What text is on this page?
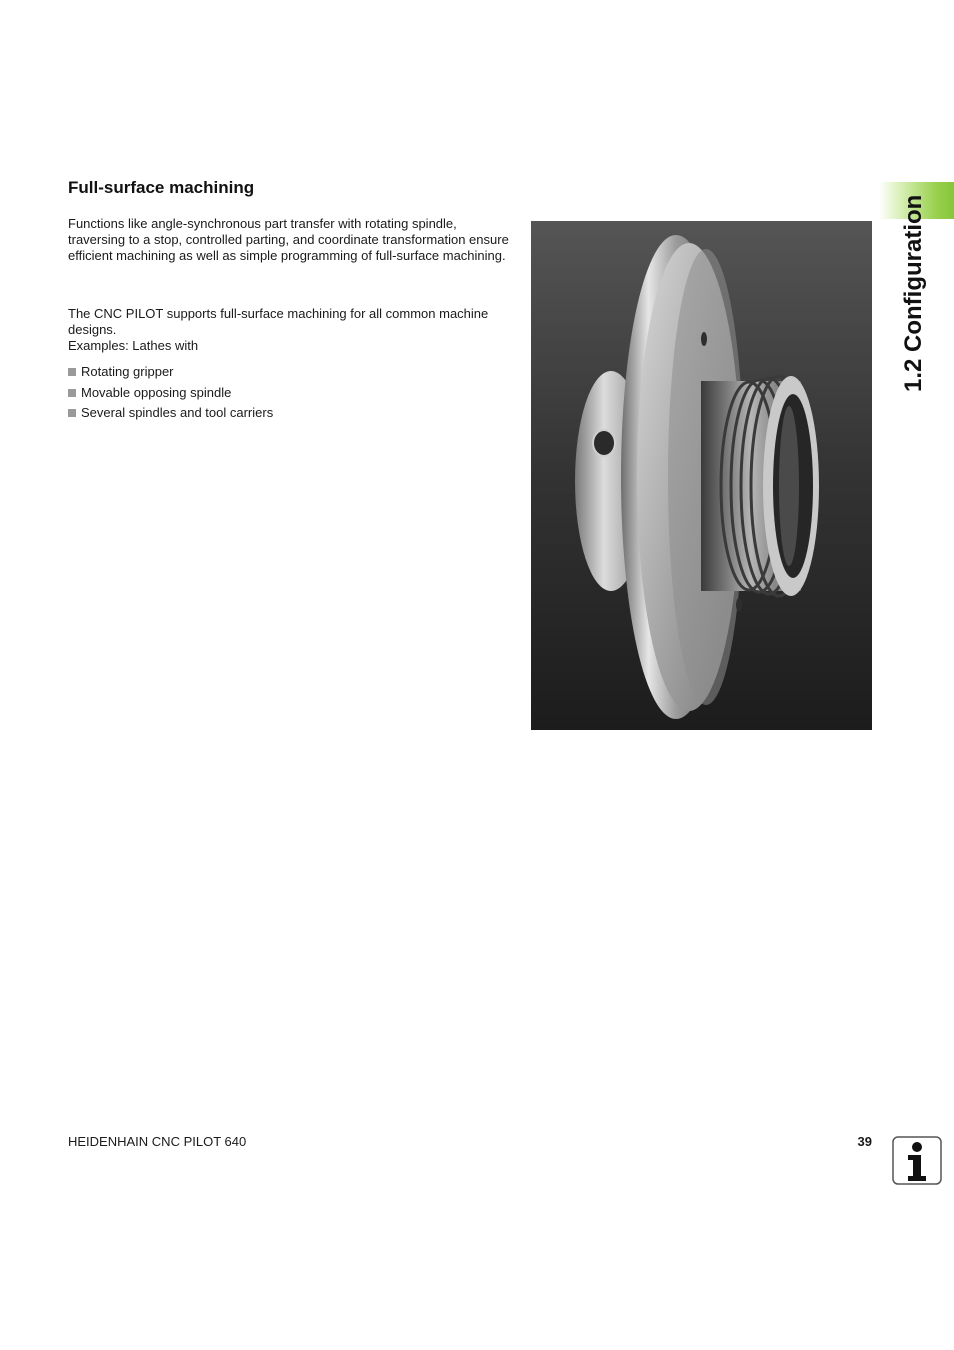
Full-surface machining

Functions like angle-synchronous part transfer with rotating spindle, traversing to a stop, controlled parting, and coordinate transformation ensure efficient machining as well as simple programming of full-surface machining.

The CNC PILOT supports full-surface machining for all common machine designs.
Examples: Lathes with
Rotating gripper
Movable opposing spindle
Several spindles and tool carriers
1.2 Configuration
HEIDENHAIN CNC PILOT 640	39
